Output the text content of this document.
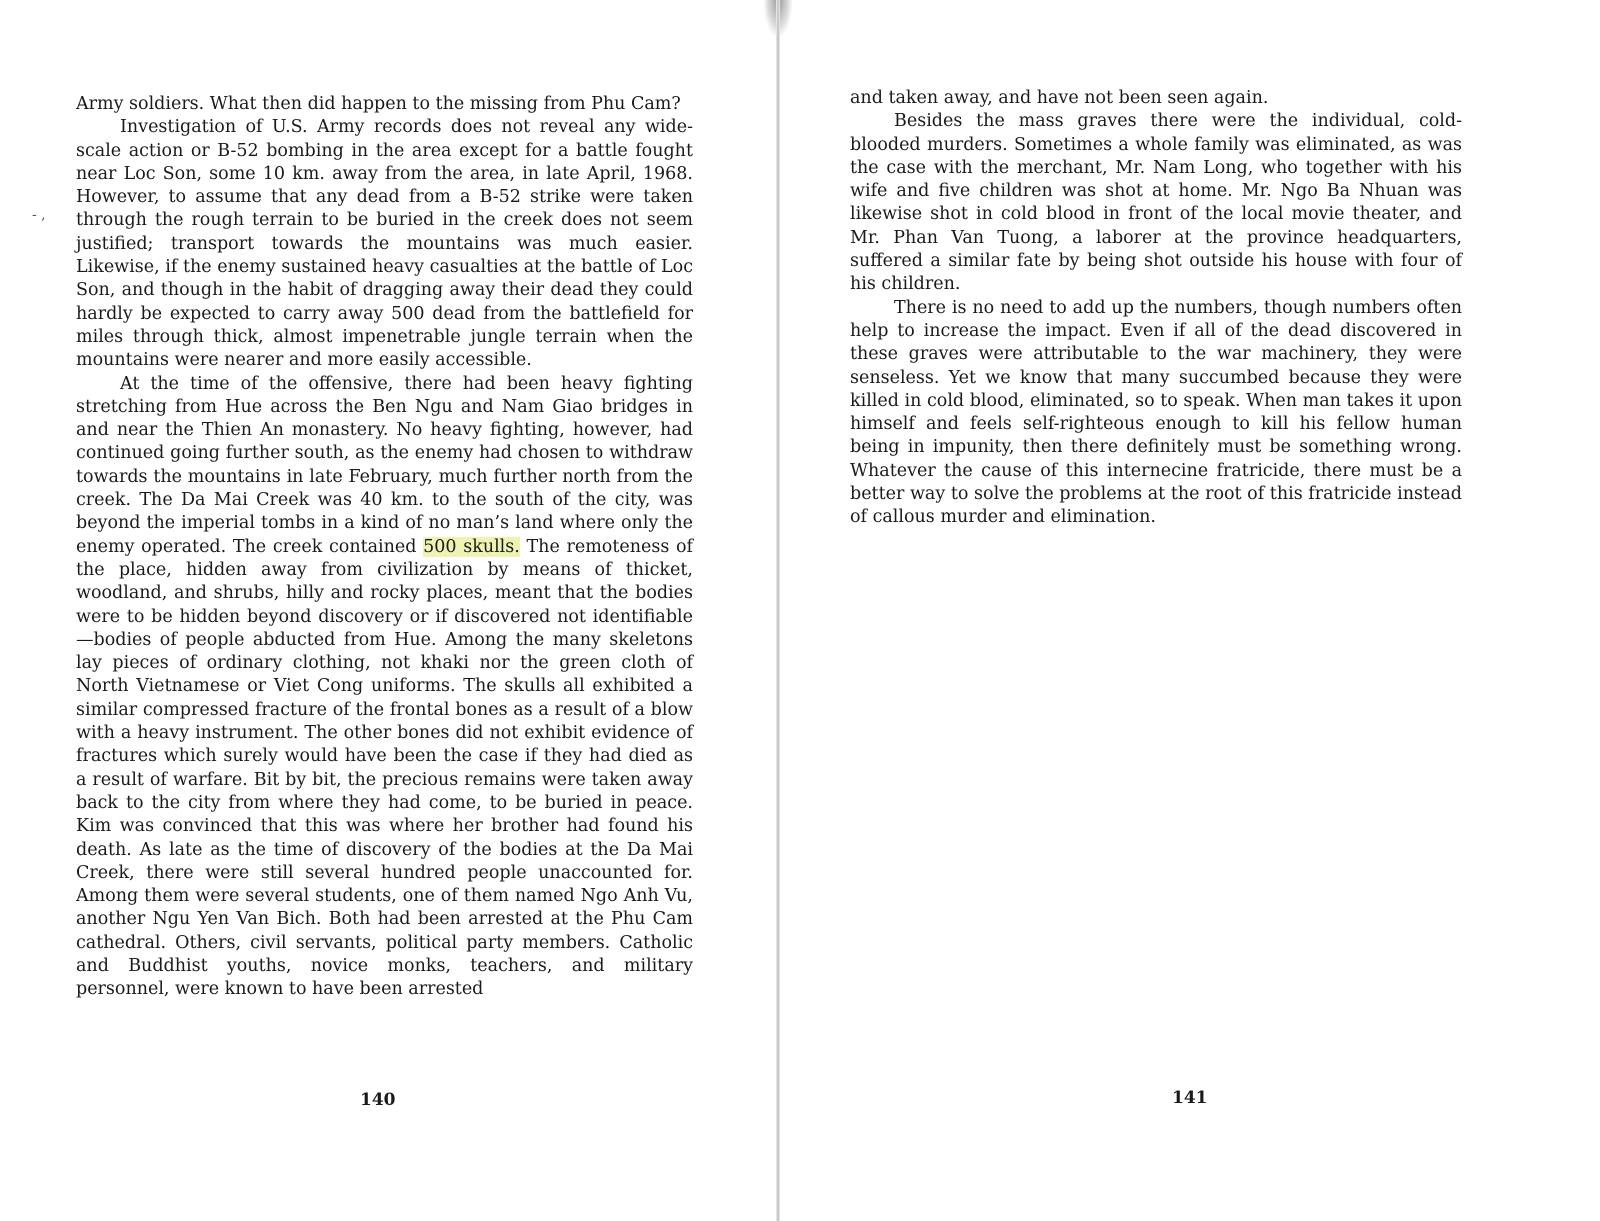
Army soldiers. What then did happen to the missing from Phu Cam?

Investigation of U.S. Army records does not reveal any wide-scale action or B-52 bombing in the area except for a battle fought near Loc Son, some 10 km. away from the area, in late April, 1968. However, to assume that any dead from a B-52 strike were taken through the rough terrain to be buried in the creek does not seem justified; transport towards the mountains was much easier. Likewise, if the enemy sustained heavy casualties at the battle of Loc Son, and though in the habit of dragging away their dead they could hardly be expected to carry away 500 dead from the battlefield for miles through thick, almost impenetrable jungle terrain when the mountains were nearer and more easily accessible.

At the time of the offensive, there had been heavy fighting stretching from Hue across the Ben Ngu and Nam Giao bridges in and near the Thien An monastery. No heavy fighting, however, had continued going further south, as the enemy had chosen to withdraw towards the mountains in late February, much further north from the creek. The Da Mai Creek was 40 km. to the south of the city, was beyond the imperial tombs in a kind of no man’s land where only the enemy operated. The creek contained 500 skulls. The remoteness of the place, hidden away from civilization by means of thicket, woodland, and shrubs, hilly and rocky places, meant that the bodies were to be hidden beyond discovery or if discovered not identifiable—bodies of people abducted from Hue. Among the many skeletons lay pieces of ordinary clothing, not khaki nor the green cloth of North Vietnamese or Viet Cong uniforms. The skulls all exhibited a similar compressed fracture of the frontal bones as a result of a blow with a heavy instrument. The other bones did not exhibit evidence of fractures which surely would have been the case if they had died as a result of warfare. Bit by bit, the precious remains were taken away back to the city from where they had come, to be buried in peace. Kim was convinced that this was where her brother had found his death. As late as the time of discovery of the bodies at the Da Mai Creek, there were still several hundred people unaccounted for. Among them were several students, one of them named Ngo Anh Vu, another Ngu Yen Van Bich. Both had been arrested at the Phu Cam cathedral. Others, civil servants, political party members. Catholic and Buddhist youths, novice monks, teachers, and military personnel, were known to have been arrested

140
- ,

and taken away, and have not been seen again.

Besides the mass graves there were the individual, cold-blooded murders. Sometimes a whole family was eliminated, as was the case with the merchant, Mr. Nam Long, who together with his wife and five children was shot at home. Mr. Ngo Ba Nhuan was likewise shot in cold blood in front of the local movie theater, and Mr. Phan Van Tuong, a laborer at the province headquarters, suffered a similar fate by being shot outside his house with four of his children.

There is no need to add up the numbers, though numbers often help to increase the impact. Even if all of the dead discovered in these graves were attributable to the war machinery, they were senseless. Yet we know that many succumbed because they were killed in cold blood, eliminated, so to speak. When man takes it upon himself and feels self-righteous enough to kill his fellow human being in impunity, then there definitely must be something wrong. Whatever the cause of this internecine fratricide, there must be a better way to solve the problems at the root of this fratricide instead of callous murder and elimination.

141
